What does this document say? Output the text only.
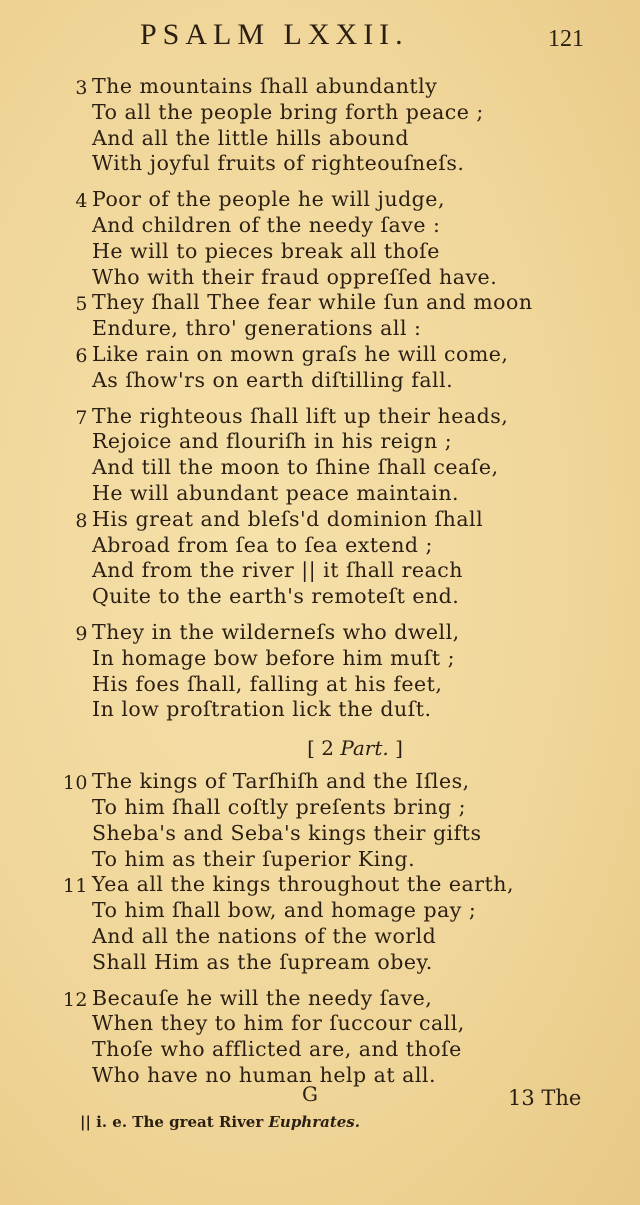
PSALM LXXII.	121
3 The mountains ſhall abundantly
To all the people bring forth peace ;
And all the little hills abound
With joyful fruits of righteouſneſs.
4 Poor of the people he will judge,
And children of the needy ſave :
He will to pieces break all thoſe
Who with their fraud oppreſſed have.
5 They ſhall Thee fear while ſun and moon
Endure, thro' generations all :
6 Like rain on mown graſs he will come,
As ſhow'rs on earth diſtilling fall.
7 The righteous ſhall lift up their heads,
Rejoice and flouriſh in his reign ;
And till the moon to ſhine ſhall ceaſe,
He will abundant peace maintain.
8 His great and bleſs'd dominion ſhall
Abroad from ſea to ſea extend ;
And from the river || it ſhall reach
Quite to the earth's remoteſt end.
9 They in the wilderneſs who dwell,
In homage bow before him muſt ;
His foes ſhall, falling at his feet,
In low proſtration lick the duſt.
[ 2 Part. ]
10 The kings of Tarſhiſh and the Iſles,
To him ſhall coſtly preſents bring ;
Sheba's and Seba's kings their gifts
To him as their ſuperior King.
11 Yea all the kings throughout the earth,
To him ſhall bow, and homage pay ;
And all the nations of the world
Shall Him as the ſupream obey.
12 Becauſe he will the needy ſave,
When they to him for ſuccour call,
Thoſe who afflicted are, and thoſe
Who have no human help at all.
G	13 The
|| i. e. The great River Euphrates.
